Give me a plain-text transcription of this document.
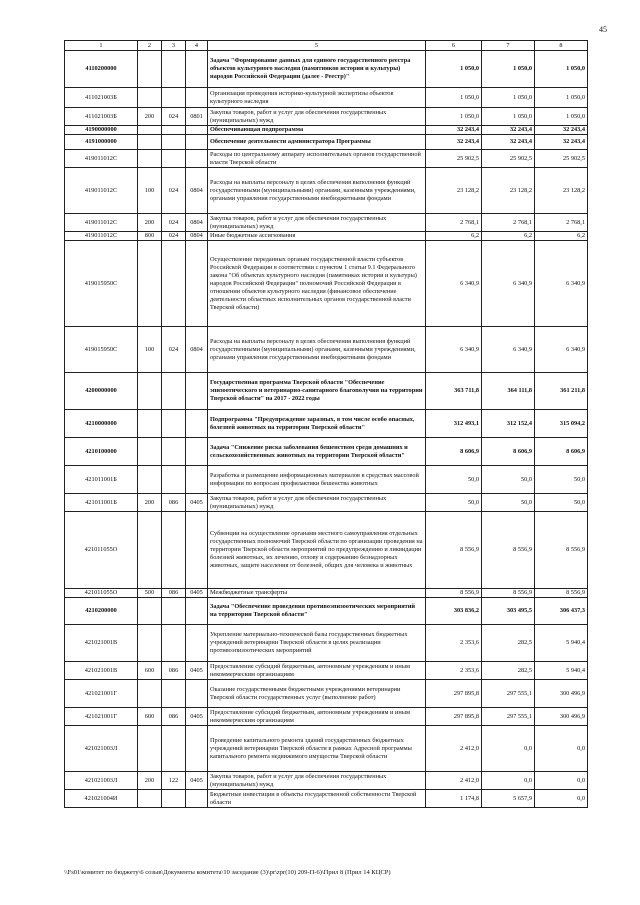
45
1	2	3	4	5	6	7	8
4110200000				Задача "Формирование данных для единого государственного реестра объектов культурного наследия (памятников истории и культуры) народов Российской Федерации (далее - Реестр)"	1 050,0	1 050,0	1 050,0
411021003Б				Организация проведения историко-культурной экспертизы объектов культурного наследия	1 050,0	1 050,0	1 050,0
411021003Б	200	024	0801	Закупка товаров, работ и услуг для обеспечения государственных (муниципальных) нужд	1 050,0	1 050,0	1 050,0
4190000000				Обеспечивающая подпрограмма	32 243,4	32 243,4	32 243,4
4191000000				Обеспечение деятельности администратора Программы	32 243,4	32 243,4	32 243,4
419011012С				Расходы по центральному аппарату исполнительных органов государственной власти Тверской области	25 902,5	25 902,5	25 902,5
419011012С	100	024	0804	Расходы на выплаты персоналу в целях обеспечения выполнения функций государственными (муниципальными) органами, казенными учреждениями, органами управления государственными внебюджетными фондами	23 128,2	23 128,2	23 128,2
419011012С	200	024	0804	Закупка товаров, работ и услуг для обеспечения государственных (муниципальных) нужд	2 768,1	2 768,1	2 768,1
419011012С	800	024	0804	Иные бюджетные ассигнования	6,2	6,2	6,2
419015950С				Осуществление переданных органам государственной власти субъектов Российской Федерации в соответствии с пунктом 1 статьи 9.1 Федерального закона "Об объектах культурного наследия (памятниках истории и культуры) народов Российской Федерации" полномочий Российской Федерации в отношении объектов культурного наследия (финансовое обеспечение деятельности областных исполнительных органов государственной власти Тверской области)	6 340,9	6 340,9	6 340,9
419015950С	100	024	0804	Расходы на выплаты персоналу в целях обеспечения выполнения функций государственными (муниципальными) органами, казенными учреждениями, органами управления государственными внебюджетными фондами	6 340,9	6 340,9	6 340,9
4200000000				Государственная программа Тверской области "Обеспечение эпизоотического и ветеринарно-санитарного благополучия на территории Тверской области" на 2017 - 2022 годы	363 711,8	364 111,8	361 211,8
4210000000				Подпрограмма "Предупреждение заразных, в том числе особо опасных, болезней животных на территории Тверской области"	312 493,1	312 152,4	315 094,2
4210100000				Задача "Снижение риска заболевания бешенством среди домашних и сельскохозяйственных животных на территории Тверской области"	8 606,9	8 606,9	8 606,9
421011001Б				Разработка и размещение информационных материалов в средствах массовой информации по вопросам профилактики бешенства животных	50,0	50,0	50,0
421011001Б	200	086	0405	Закупка товаров, работ и услуг для обеспечения государственных (муниципальных) нужд	50,0	50,0	50,0
421011055О				Субвенции на осуществление органами местного самоуправления отдельных государственных полномочий Тверской области по организации проведения на территории Тверской области мероприятий по предупреждению и ликвидации болезней животных, их лечению, отлову и содержанию безнадзорных животных, защите населения от болезней, общих для человека и животных	8 556,9	8 556,9	8 556,9
421011055О	500	086	0405	Межбюджетные трансферты	8 556,9	8 556,9	8 556,9
4210200000				Задача "Обеспечение проведения противоэпизоотических мероприятий на территории Тверской области"	303 836,2	303 495,5	306 437,3
421021001В				Укрепление материально-технической базы государственных бюджетных учреждений ветеринарии Тверской области в целях реализации противоэпизоотических мероприятий	2 353,6	282,5	5 940,4
421021001В	600	086	0405	Предоставление субсидий бюджетным, автономным учреждениям и иным некоммерческим организациям	2 353,6	282,5	5 940,4
421021001Г				Оказание государственными бюджетными учреждениями ветеринарии Тверской области государственных услуг (выполнение работ)	297 895,8	297 555,1	300 496,9
421021001Г	600	086	0405	Предоставление субсидий бюджетным, автономным учреждениям и иным некоммерческим организациям	297 895,8	297 555,1	300 496,9
421021003Л				Проведение капитального ремонта зданий государственных бюджетных учреждений ветеринарии Тверской области в рамках Адресной программы капитального ремонта недвижимого имущества Тверской области	2 412,0	0,0	0,0
421021003Л	200	122	0405	Закупка товаров, работ и услуг для обеспечения государственных (муниципальных) нужд	2 412,0	0,0	0,0
421021004И				Бюджетные инвестиции в объекты государственной собственности Тверской области	1 174,8	5 657,9	0,0
\\Fs01\комитет по бюджету\6 созыв\Документы комитета\10 заседание (3)\pr\zpr(10) 209-П-6)\Прил 8 (Прил 14 КЦСР)
